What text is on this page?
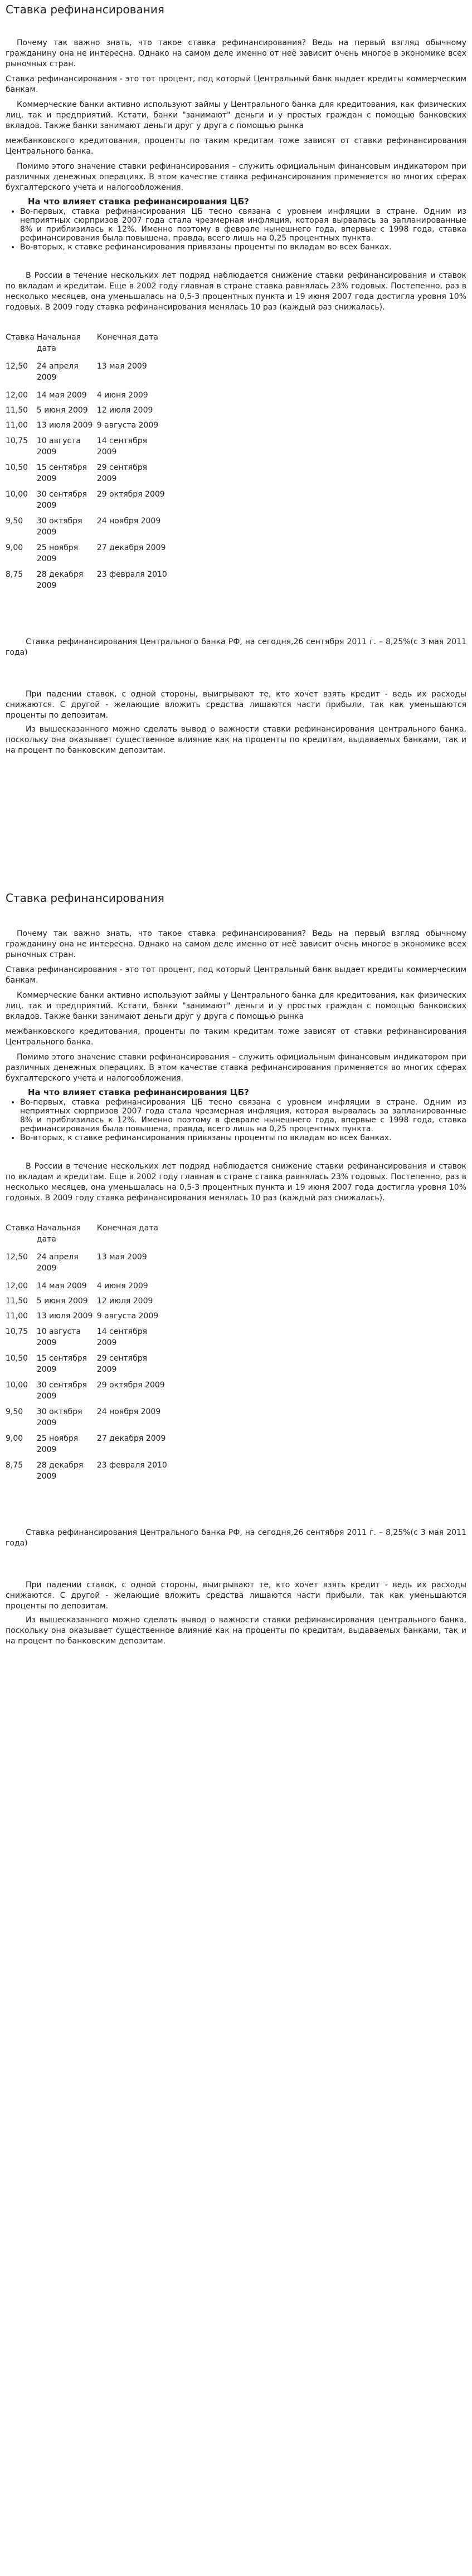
Ставка рефинансирования

Почему так важно знать, что такое ставка рефинансирования? Ведь на первый взгляд обычному гражданину она не интересна. Однако на самом деле именно от неё зависит очень многое в экономике всех рыночных стран.

Ставка рефинансирования - это тот процент, под который Центральный банк выдает кредиты коммерческим банкам.

Коммерческие банки активно используют займы у Центрального банка для кредитования, как физических лиц, так и предприятий. Кстати, банки "занимают" деньги и у простых граждан с помощью банковских вкладов. Также банки занимают деньги друг у друга с помощью рынка

межбанковского кредитования, проценты по таким кредитам тоже зависят от ставки рефинансирования Центрального банка.

Помимо этого значение ставки рефинансирования – служить официальным финансовым индикатором при различных денежных операциях. В этом качестве ставка рефинансирования применяется во многих сферах бухгалтерского учета и налогообложения.

На что влияет ставка рефинансирования ЦБ?
• Во-первых, ставка рефинансирования ЦБ тесно связана с уровнем инфляции в стране. Одним из неприятных сюрпризов 2007 года стала чрезмерная инфляция, которая вырвалась за запланированные 8% и приблизилась к 12%. Именно поэтому в феврале нынешнего года, впервые с 1998 года, ставка рефинансирования была повышена, правда, всего лишь на 0,25 процентных пункта.
• Во-вторых, к ставке рефинансирования привязаны проценты по вкладам во всех банках.

В России в течение нескольких лет подряд наблюдается снижение ставки рефинансирования и ставок по вкладам и кредитам. Еще в 2002 году главная в стране ставка равнялась 23% годовых. Постепенно, раз в несколько месяцев, она уменьшалась на 0,5-3 процентных пункта и 19 июня 2007 года достигла уровня 10% годовых. В 2009 году ставка рефинансирования менялась 10 раз (каждый раз снижалась).

Ставка	Начальная дата	Конечная дата

12,50	24 апреля 2009	13 мая 2009

12,00	14 мая 2009	4 июня 2009

11,50	5 июня 2009	12 июля 2009

11,00	13 июля 2009	9 августа 2009

10,75	10 августа 2009	14 сентября 2009

10,50	15 сентября 2009	29 сентября 2009

10,00	30 сентября 2009	29 октября 2009

9,50	30 октября 2009	24 ноября 2009

9,00	25 ноября 2009	27 декабря 2009

8,75	28 декабря 2009	23 февраля 2010

Ставка рефинансирования Центрального банка РФ, на сегодня,26 сентября 2011 г. – 8,25%(с 3 мая 2011 года)

При падении ставок, с одной стороны, выигрывают те, кто хочет взять кредит - ведь их расходы снижаются. С другой - желающие вложить средства лишаются части прибыли, так как уменьшаются проценты по депозитам.

Из вышесказанного можно сделать вывод о важности ставки рефинансирования центрального банка, поскольку она оказывает существенное влияние как на проценты по кредитам, выдаваемых банками, так и на процент по банковским депозитам.

Ставка рефинансирования

Почему так важно знать, что такое ставка рефинансирования? Ведь на первый взгляд обычному гражданину она не интересна. Однако на самом деле именно от неё зависит очень многое в экономике всех рыночных стран.

Ставка рефинансирования - это тот процент, под который Центральный банк выдает кредиты коммерческим банкам.

Коммерческие банки активно используют займы у Центрального банка для кредитования, как физических лиц, так и предприятий. Кстати, банки "занимают" деньги и у простых граждан с помощью банковских вкладов. Также банки занимают деньги друг у друга с помощью рынка

межбанковского кредитования, проценты по таким кредитам тоже зависят от ставки рефинансирования Центрального банка.

Помимо этого значение ставки рефинансирования – служить официальным финансовым индикатором при различных денежных операциях. В этом качестве ставка рефинансирования применяется во многих сферах бухгалтерского учета и налогообложения.

На что влияет ставка рефинансирования ЦБ?
• Во-первых, ставка рефинансирования ЦБ тесно связана с уровнем инфляции в стране. Одним из неприятных сюрпризов 2007 года стала чрезмерная инфляция, которая вырвалась за запланированные 8% и приблизилась к 12%. Именно поэтому в феврале нынешнего года, впервые с 1998 года, ставка рефинансирования была повышена, правда, всего лишь на 0,25 процентных пункта.
• Во-вторых, к ставке рефинансирования привязаны проценты по вкладам во всех банках.

В России в течение нескольких лет подряд наблюдается снижение ставки рефинансирования и ставок по вкладам и кредитам. Еще в 2002 году главная в стране ставка равнялась 23% годовых. Постепенно, раз в несколько месяцев, она уменьшалась на 0,5-3 процентных пункта и 19 июня 2007 года достигла уровня 10% годовых. В 2009 году ставка рефинансирования менялась 10 раз (каждый раз снижалась).

Ставка	Начальная дата	Конечная дата

12,50	24 апреля 2009	13 мая 2009

12,00	14 мая 2009	4 июня 2009

11,50	5 июня 2009	12 июля 2009

11,00	13 июля 2009	9 августа 2009

10,75	10 августа 2009	14 сентября 2009

10,50	15 сентября 2009	29 сентября 2009

10,00	30 сентября 2009	29 октября 2009

9,50	30 октября 2009	24 ноября 2009

9,00	25 ноября 2009	27 декабря 2009

8,75	28 декабря 2009	23 февраля 2010

Ставка рефинансирования Центрального банка РФ, на сегодня,26 сентября 2011 г. – 8,25%(с 3 мая 2011 года)

При падении ставок, с одной стороны, выигрывают те, кто хочет взять кредит - ведь их расходы снижаются. С другой - желающие вложить средства лишаются части прибыли, так как уменьшаются проценты по депозитам.

Из вышесказанного можно сделать вывод о важности ставки рефинансирования центрального банка, поскольку она оказывает существенное влияние как на проценты по кредитам, выдаваемых банками, так и на процент по банковским депозитам.
